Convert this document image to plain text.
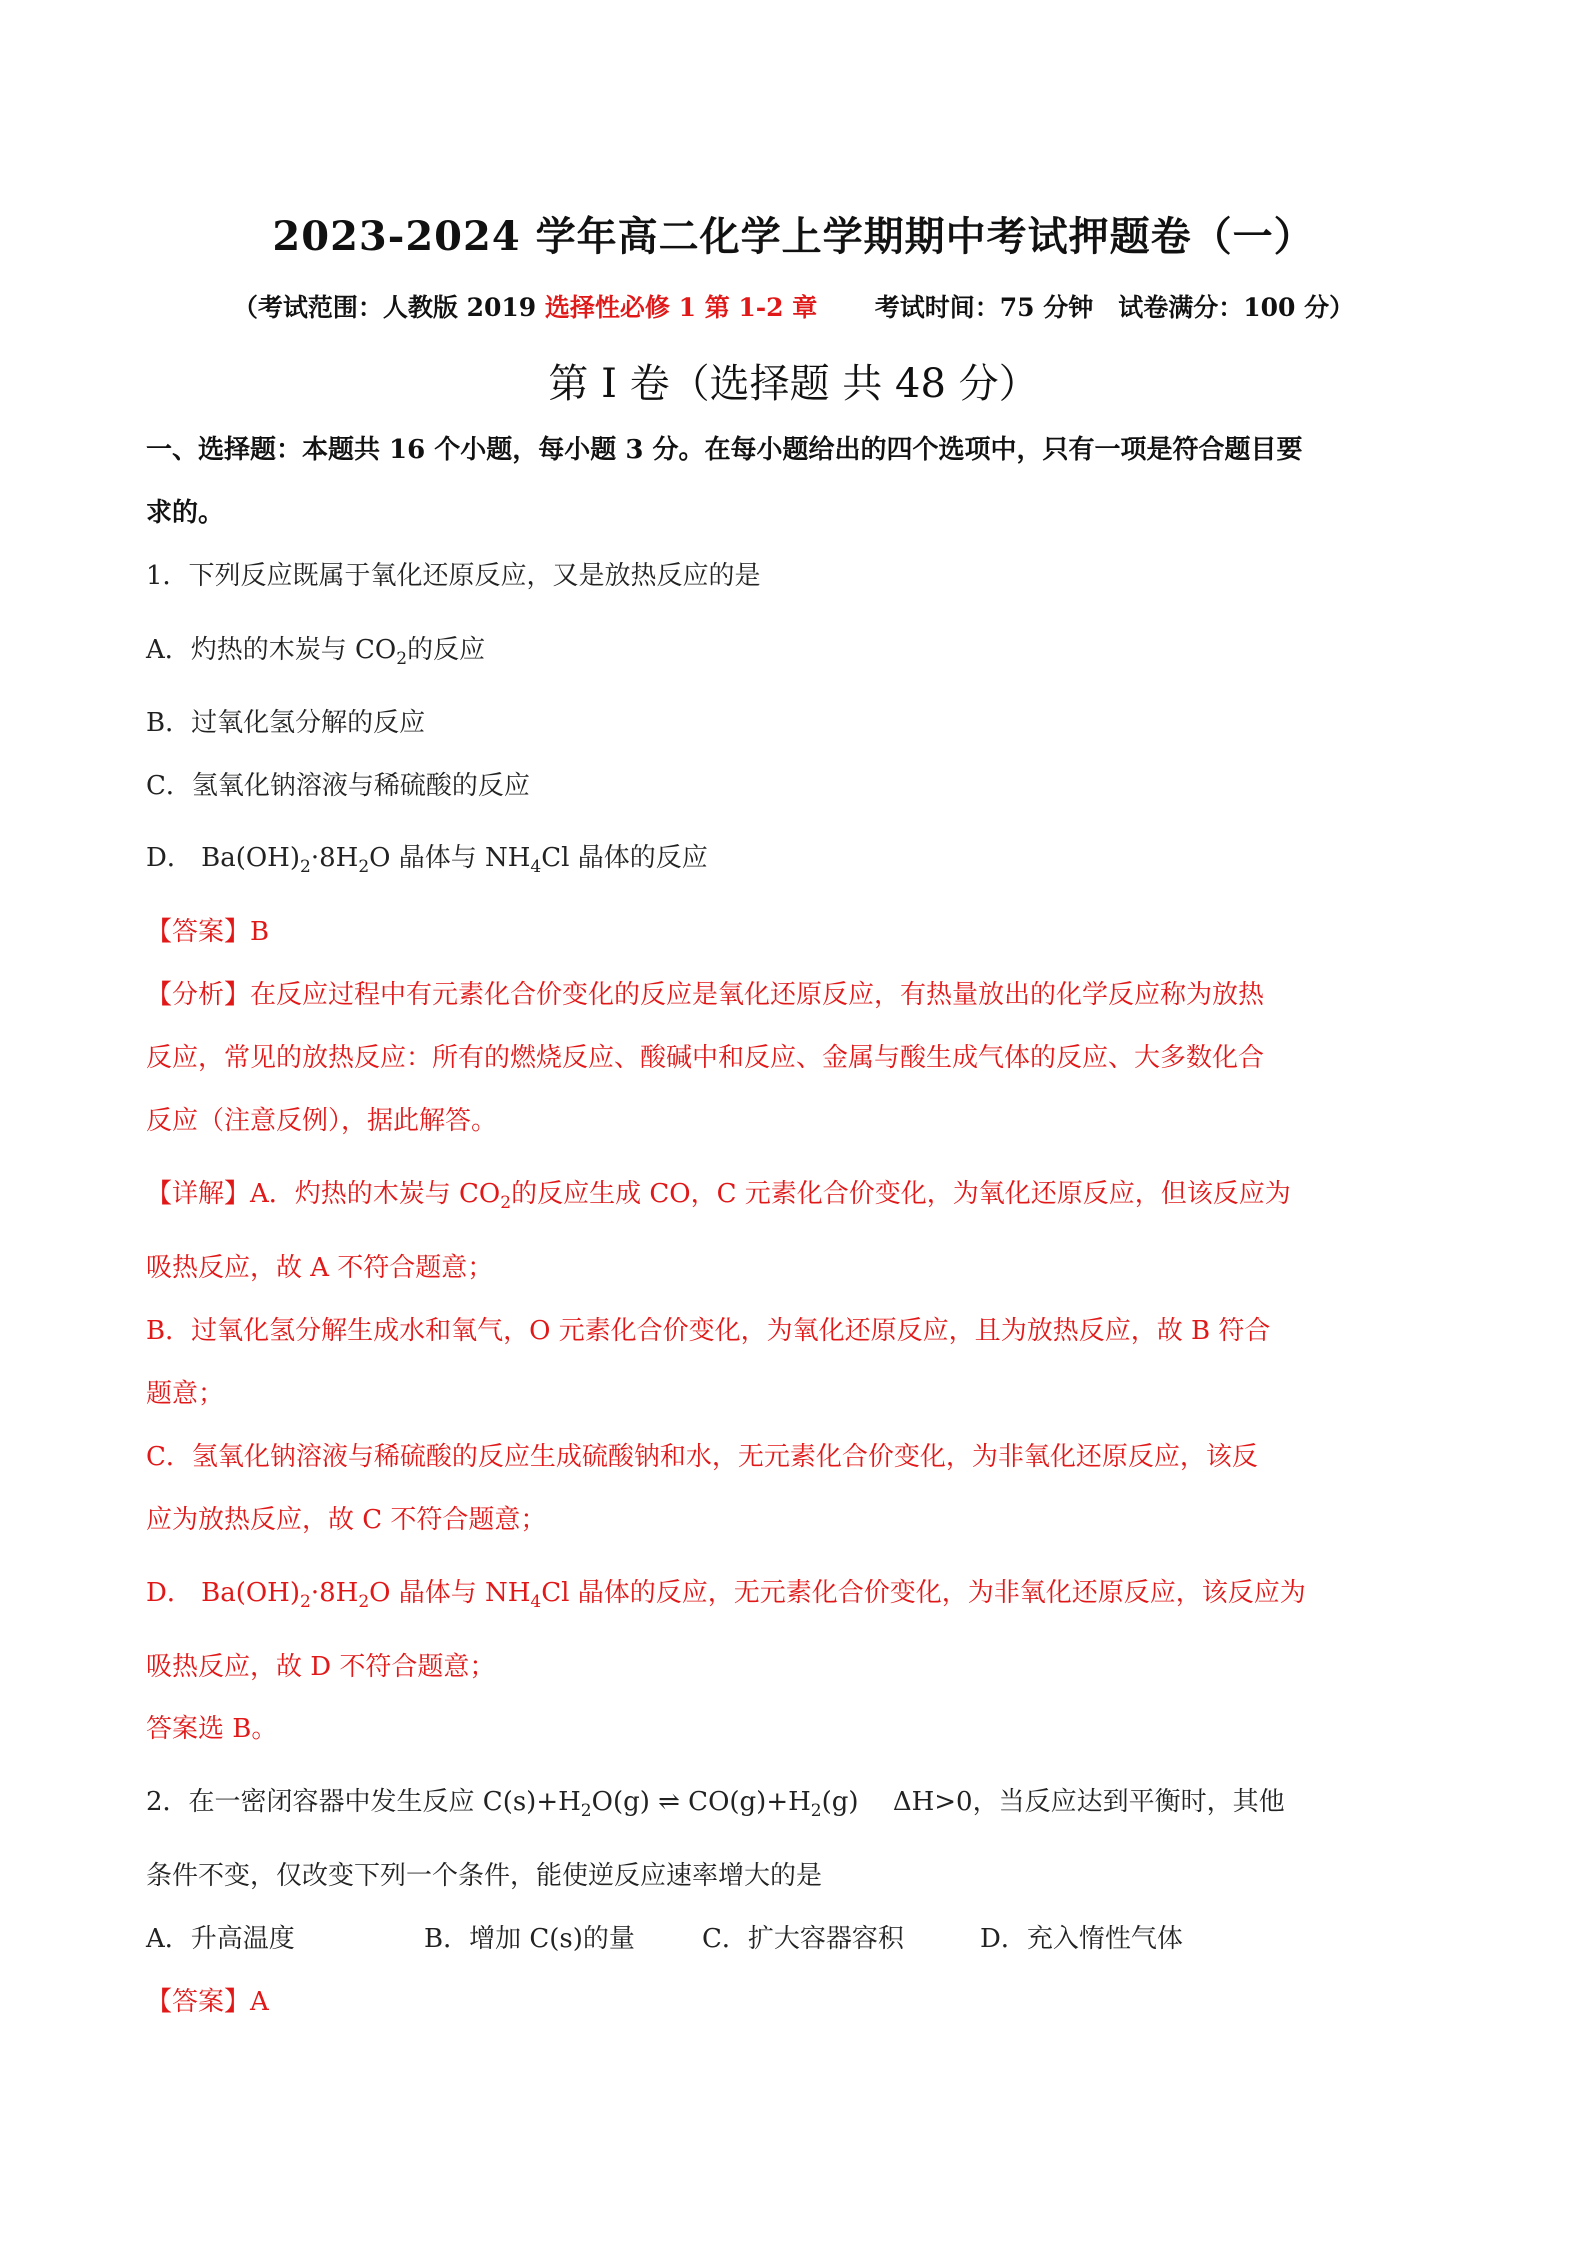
2023-2024 学年高二化学上学期期中考试押题卷（一）
（考试范围：人教版 2019 选择性必修 1 第 1-2 章 考试时间：75 分钟　试卷满分：100 分）
第 I 卷（选择题 共 48 分）
一、选择题：本题共 16 个小题，每小题 3 分。在每小题给出的四个选项中，只有一项是符合题目要
求的。
1．下列反应既属于氧化还原反应，又是放热反应的是
A．灼热的木炭与 $CO_2$的反应
B．过氧化氢分解的反应
C．氢氧化钠溶液与稀硫酸的反应
D． $Ba(OH)_2\cdot 8H_2O$ 晶体与 $NH_4Cl$ 晶体的反应
【答案】B
【分析】在反应过程中有元素化合价变化的反应是氧化还原反应，有热量放出的化学反应称为放热
反应，常见的放热反应：所有的燃烧反应、酸碱中和反应、金属与酸生成气体的反应、大多数化合
反应（注意反例），据此解答。
【详解】A．灼热的木炭与 $CO_2$的反应生成 CO，C 元素化合价变化，为氧化还原反应，但该反应为
吸热反应，故 A 不符合题意；
B．过氧化氢分解生成水和氧气，O 元素化合价变化，为氧化还原反应，且为放热反应，故 B 符合
题意；
C．氢氧化钠溶液与稀硫酸的反应生成硫酸钠和水，无元素化合价变化，为非氧化还原反应，该反
应为放热反应，故 C 不符合题意；
D． $Ba(OH)_2\cdot 8H_2O$ 晶体与 $NH_4Cl$ 晶体的反应，无元素化合价变化，为非氧化还原反应，该反应为
吸热反应，故 D 不符合题意；
答案选 B。
2．在一密闭容器中发生反应 $C(s)+H_2O(g)$ ⇌ $CO(g)+H_2(g)$　 ΔH>0，当反应达到平衡时，其他
条件不变，仅改变下列一个条件，能使逆反应速率增大的是
A．升高温度	B．增加 C(s)的量	C．扩大容器容积	D．充入惰性气体
【答案】A
